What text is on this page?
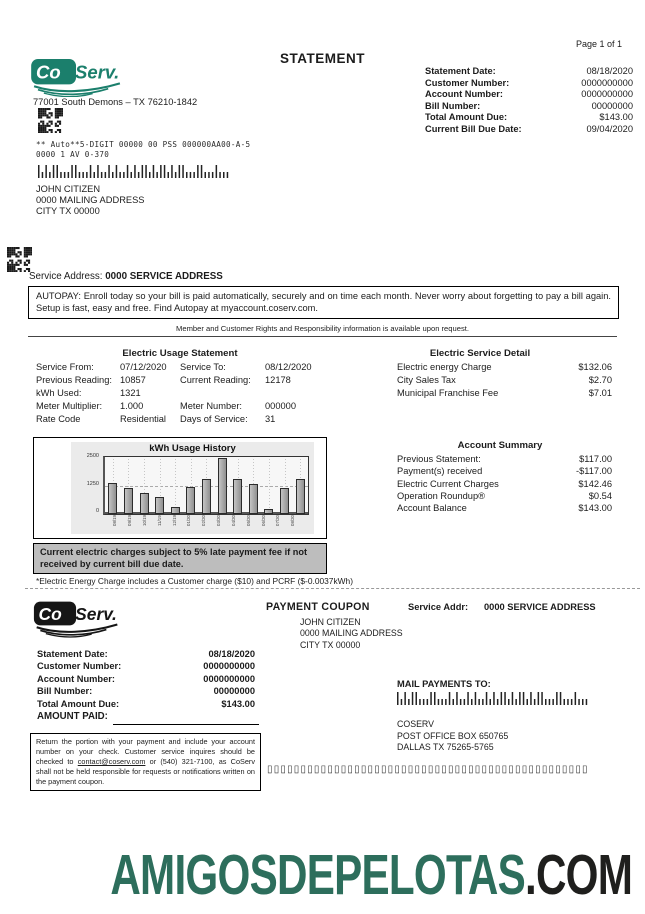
Page 1 of 1
STATEMENT
Co Serv.
77001 South Demons – TX 76210-1842
Statement Date:	08/18/2020
Customer Number:	0000000000
Account Number:	0000000000
Bill Number:	00000000
Total Amount Due:	$143.00
Current Bill Due Date:	09/04/2020
** Auto**5-DIGIT 00000 00 PSS 000000AA00-A-5
0000 1 AV 0-370
JOHN CITIZEN
0000 MAILING ADDRESS
CITY TX 00000
Service Address: 0000 SERVICE ADDRESS
AUTOPAY: Enroll today so your bill is paid automatically, securely and on time each month. Never worry about forgetting to pay a bill again. Setup is fast, easy and free. Find Autopay at myaccount.coserv.com.
Member and Customer Rights and Responsibility information is available upon request.
Electric Usage Statement
Service From:	07/12/2020	Service To:	08/12/2020
Previous Reading: 10857	Current Reading:	12178
kWh Used:	1321
Meter Multiplier:	1.000	Meter Number:	000000
Rate Code	Residential	Days of Service:	31
Electric Service Detail
Electric energy Charge	$132.06
City Sales Tax	$2.70
Municipal Franchise Fee	$7.01
Account Summary
Previous Statement:	$117.00
Payment(s) received	-$117.00
Electric Current Charges	$142.46
Operation Roundup®	$0.54
Account Balance	$143.00
kWh Usage History
2500
1250
0
08/19 09/19 10/19 11/19 12/19 01/20 02/20 03/20 04/20 05/20 06/20 07/20 08/20
Current electric charges subject to 5% late payment fee if not received by current bill due date.
*Electric Energy Charge includes a Customer charge ($10) and PCRF ($-0.0037kWh)
Co Serv.	PAYMENT COUPON	Service Addr: 0000 SERVICE ADDRESS
JOHN CITIZEN
0000 MAILING ADDRESS
CITY TX 00000
Statement Date:	08/18/2020
Customer Number:	0000000000
Account Number:	0000000000
Bill Number:	00000000
Total Amount Due:	$143.00
AMOUNT PAID:
Return the portion with your payment and include your account number on your check. Customer service inquires should be checked to contact@coserv.com or (540) 321-7100, as CoServ shall not be held responsible for requests or notifications written on the payment coupon.
MAIL PAYMENTS TO:
COSERV
POST OFFICE BOX 650765
DALLAS TX 75265-5765
▯▯▯▯▯▯▯▯▯▯▯▯▯▯▯▯▯▯▯▯▯▯▯▯▯▯▯▯▯▯▯▯▯▯▯▯▯▯▯▯▯▯▯▯▯▯▯▯
AMIGOSDEPELOTAS.COM
